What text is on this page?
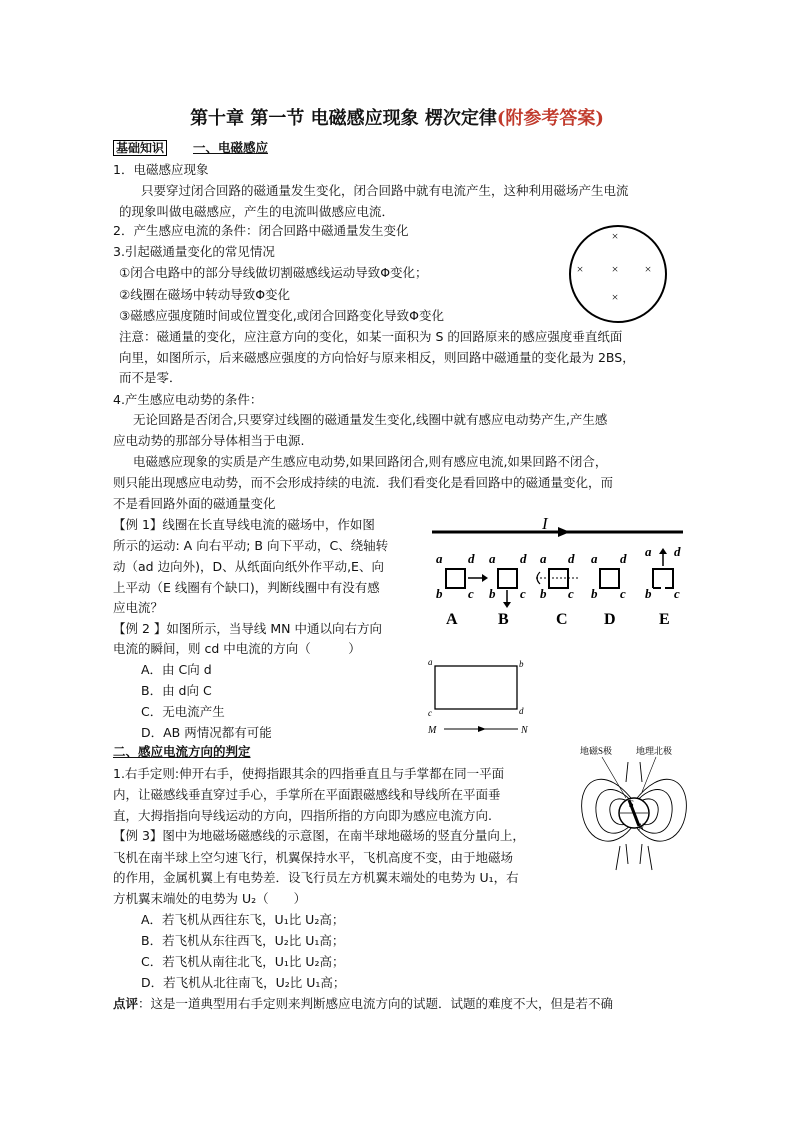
第十章 第一节 电磁感应现象 楞次定律(附参考答案)
基础知识 一、电磁感应
1．电磁感应现象
只要穿过闭合回路的磁通量发生变化，闭合回路中就有电流产生，这种利用磁场产生电流
的现象叫做电磁感应，产生的电流叫做感应电流．
2．产生感应电流的条件：闭合回路中磁通量发生变化
3.引起磁通量变化的常见情况
①闭合电路中的部分导线做切割磁感线运动导致Φ变化；
②线圈在磁场中转动导致Φ变化
③磁感应强度随时间或位置变化,或闭合回路变化导致Φ变化
×
× × ×
×
注意：磁通量的变化，应注意方向的变化，如某一面积为 S 的回路原来的感应强度垂直纸面
向里，如图所示，后来磁感应强度的方向恰好与原来相反，则回路中磁通量的变化最为 2BS，
而不是零．
4.产生感应电动势的条件：
无论回路是否闭合,只要穿过线圈的磁通量发生变化,线圈中就有感应电动势产生,产生感
应电动势的那部分导体相当于电源.
电磁感应现象的实质是产生感应电动势,如果回路闭合,则有感应电流,如果回路不闭合，
则只能出现感应电动势，而不会形成持续的电流．我们看变化是看回路中的磁通量变化，而
不是看回路外面的磁通量变化
【例 1】线圈在长直导线电流的磁场中，作如图
所示的运动: A 向右平动; B 向下平动，C、绕轴转
动（ad 边向外)，D、从纸面向纸外作平动,E、向
上平动（E 线圈有个缺口)，判断线圈中有没有感
应电流？
I
a d
b c
a d
b c
a d
b c
a d
b c
a d
b c
A	B	C D	E
【例 2 】如图所示，当导线 MN 中通以向右方向
电流的瞬间，则 cd 中电流的方向（　　　）
A．由 C向 d
B．由 d向 C
C．无电流产生
D．AB 两情况都有可能
a	b
c	d
M	N
二、感应电流方向的判定
1.右手定则:伸开右手，使拇指跟其余的四指垂直且与手掌都在同一平面
内，让磁感线垂直穿过手心，手掌所在平面跟磁感线和导线所在平面垂
直，大拇指指向导线运动的方向，四指所指的方向即为感应电流方向.
【例 3】图中为地磁场磁感线的示意图，在南半球地磁场的竖直分量向上，
飞机在南半球上空匀速飞行，机翼保持水平，飞机高度不变，由于地磁场
的作用，金属机翼上有电势差．设飞行员左方机翼末端处的电势为 U₁，右
方机翼末端处的电势为 U₂（　　）
A．若飞机从西往东飞，U₁比 U₂高；
B．若飞机从东往西飞，U₂比 U₁高；
C．若飞机从南往北飞，U₁比 U₂高；
D．若飞机从北往南飞，U₂比 U₁高；
地磁S极	地理北极
S
N
点评：这是一道典型用右手定则来判断感应电流方向的试题．试题的难度不大，但是若不确
